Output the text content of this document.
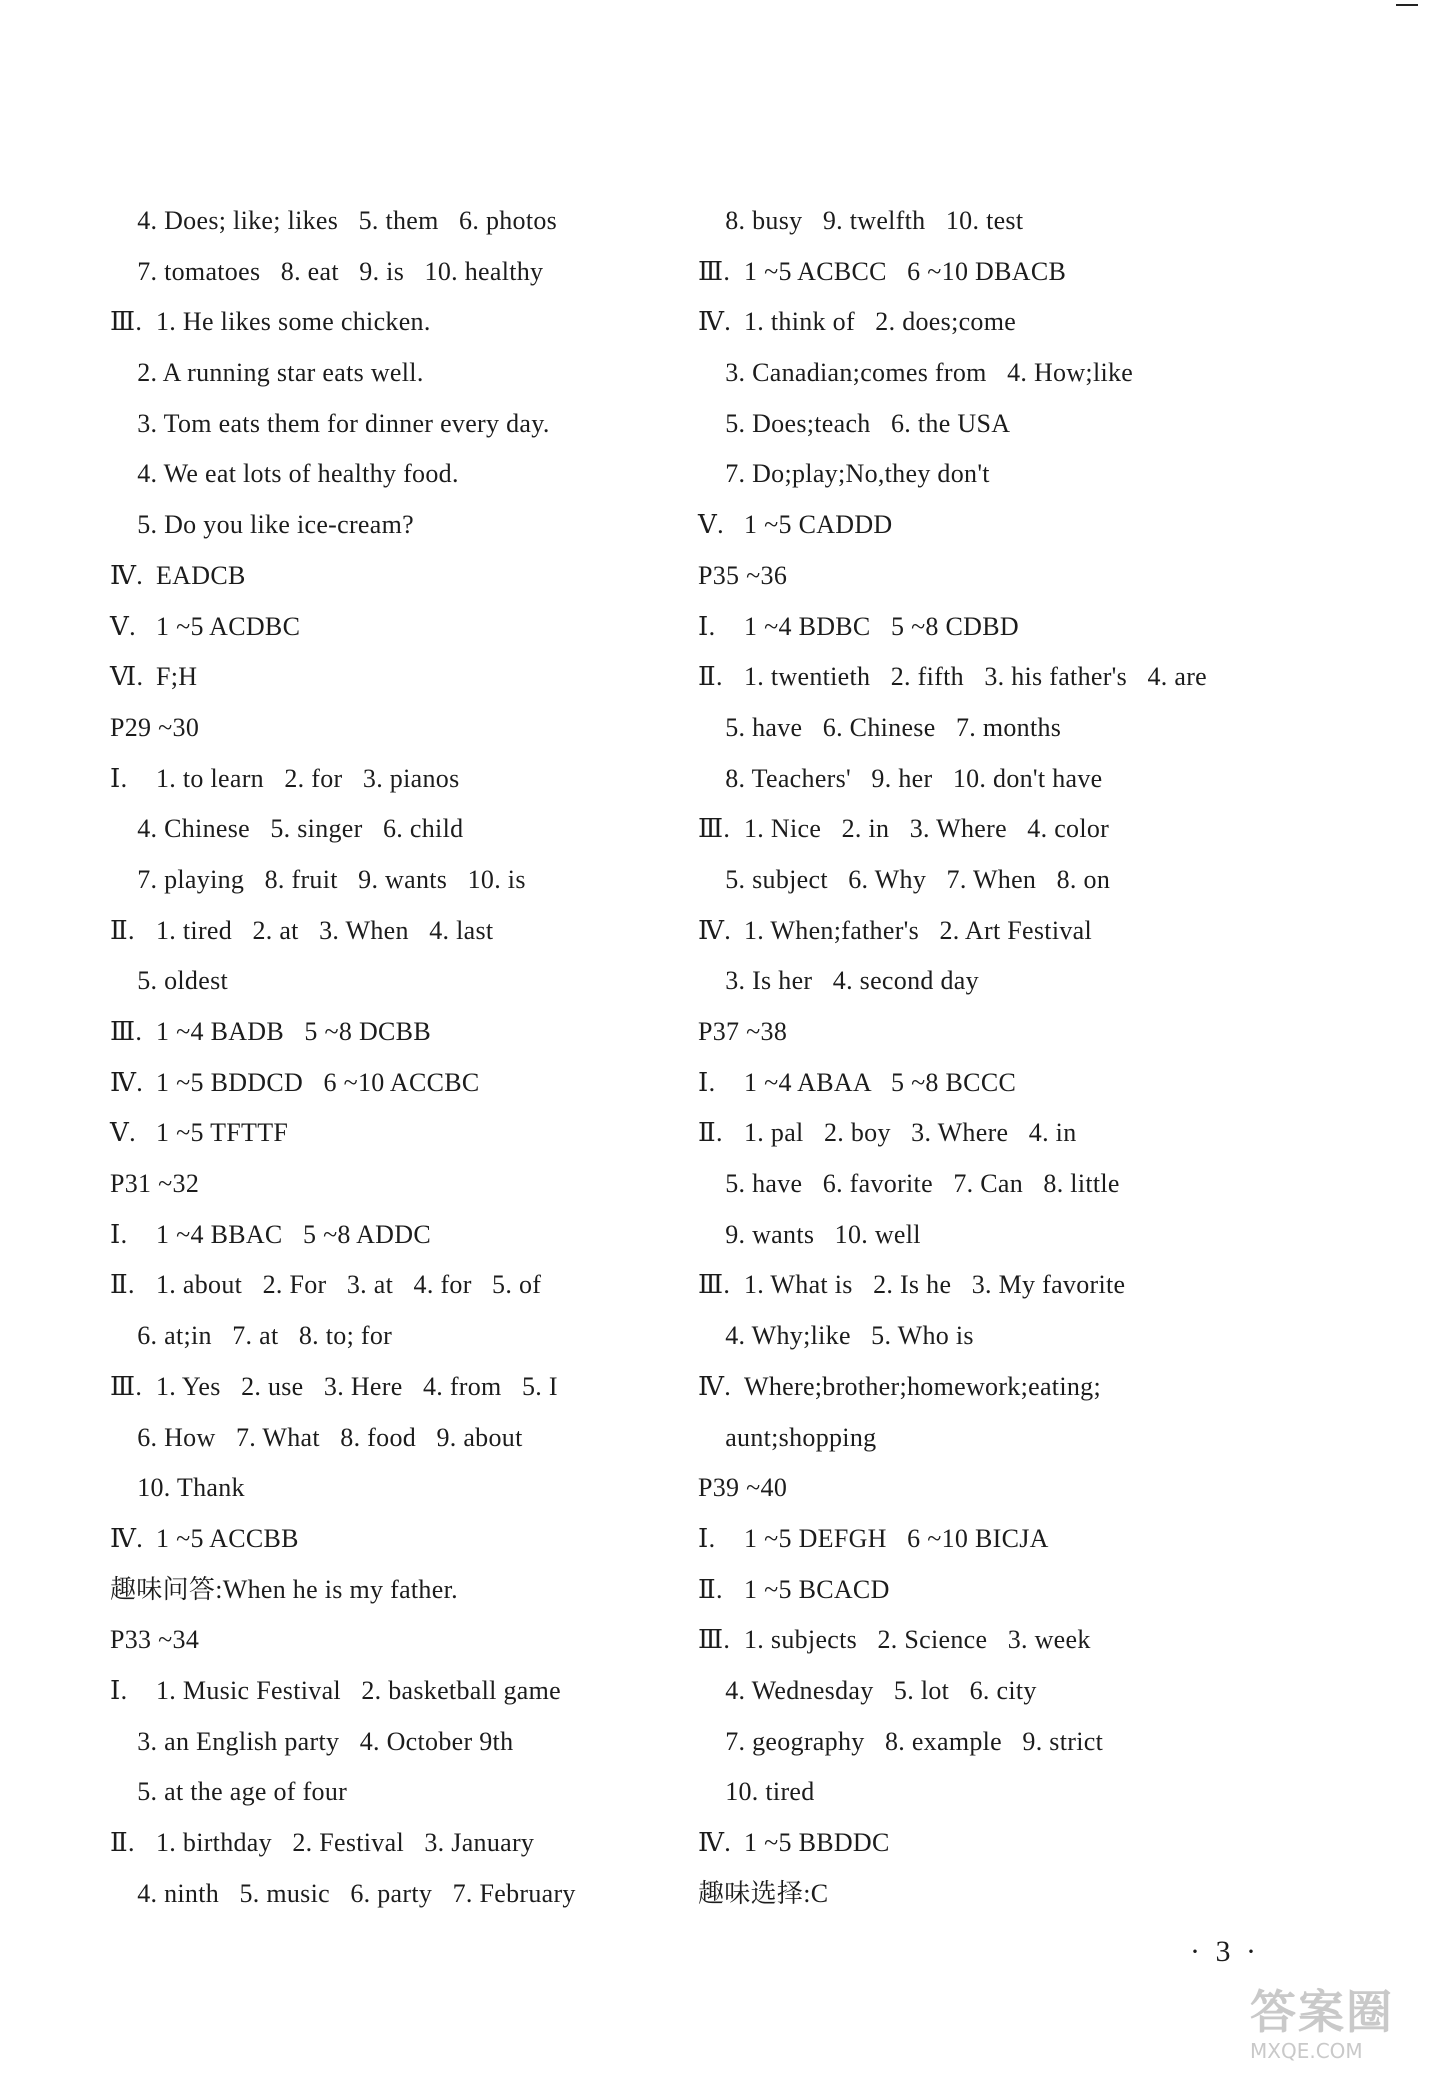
4. Does; like; likes   5. them   6. photos
7. tomatoes   8. eat   9. is   10. healthy
Ⅲ. 1. He likes some chicken.
2. A running star eats well.
3. Tom eats them for dinner every day.
4. We eat lots of healthy food.
5. Do you like ice-cream?
Ⅳ. EADCB
Ⅴ. 1 ~5 ACDBC
Ⅵ. F;H
P29 ~30
Ⅰ. 1. to learn   2. for   3. pianos
4. Chinese   5. singer   6. child
7. playing   8. fruit   9. wants   10. is
Ⅱ. 1. tired   2. at   3. When   4. last
5. oldest
Ⅲ. 1 ~4 BADB   5 ~8 DCBB
Ⅳ. 1 ~5 BDDCD   6 ~10 ACCBC
Ⅴ. 1 ~5 TFTTF
P31 ~32
Ⅰ. 1 ~4 BBAC   5 ~8 ADDC
Ⅱ. 1. about   2. For   3. at   4. for   5. of
6. at;in   7. at   8. to; for
Ⅲ. 1. Yes   2. use   3. Here   4. from   5. I
6. How   7. What   8. food   9. about
10. Thank
Ⅳ. 1 ~5 ACCBB
趣味问答:When he is my father.
P33 ~34
Ⅰ. 1. Music Festival   2. basketball game
3. an English party   4. October 9th
5. at the age of four
Ⅱ. 1. birthday   2. Festival   3. January
4. ninth   5. music   6. party   7. February
8. busy   9. twelfth   10. test
Ⅲ. 1 ~5 ACBCC   6 ~10 DBACB
Ⅳ. 1. think of   2. does;come
3. Canadian;comes from   4. How;like
5. Does;teach   6. the USA
7. Do;play;No,they don't
Ⅴ. 1 ~5 CADDD
P35 ~36
Ⅰ. 1 ~4 BDBC   5 ~8 CDBD
Ⅱ. 1. twentieth   2. fifth   3. his father's   4. are
5. have   6. Chinese   7. months
8. Teachers'   9. her   10. don't have
Ⅲ. 1. Nice   2. in   3. Where   4. color
5. subject   6. Why   7. When   8. on
Ⅳ. 1. When;father's   2. Art Festival
3. Is her   4. second day
P37 ~38
Ⅰ. 1 ~4 ABAA   5 ~8 BCCC
Ⅱ. 1. pal   2. boy   3. Where   4. in
5. have   6. favorite   7. Can   8. little
9. wants   10. well
Ⅲ. 1. What is   2. Is he   3. My favorite
4. Why;like   5. Who is
Ⅳ. Where;brother;homework;eating;
aunt;shopping
P39 ~40
Ⅰ. 1 ~5 DEFGH   6 ~10 BICJA
Ⅱ. 1 ~5 BCACD
Ⅲ. 1. subjects   2. Science   3. week
4. Wednesday   5. lot   6. city
7. geography   8. example   9. strict
10. tired
Ⅳ. 1 ~5 BBDDC
趣味选择:C
· 3 ·
答案圈
MXQE.COM
